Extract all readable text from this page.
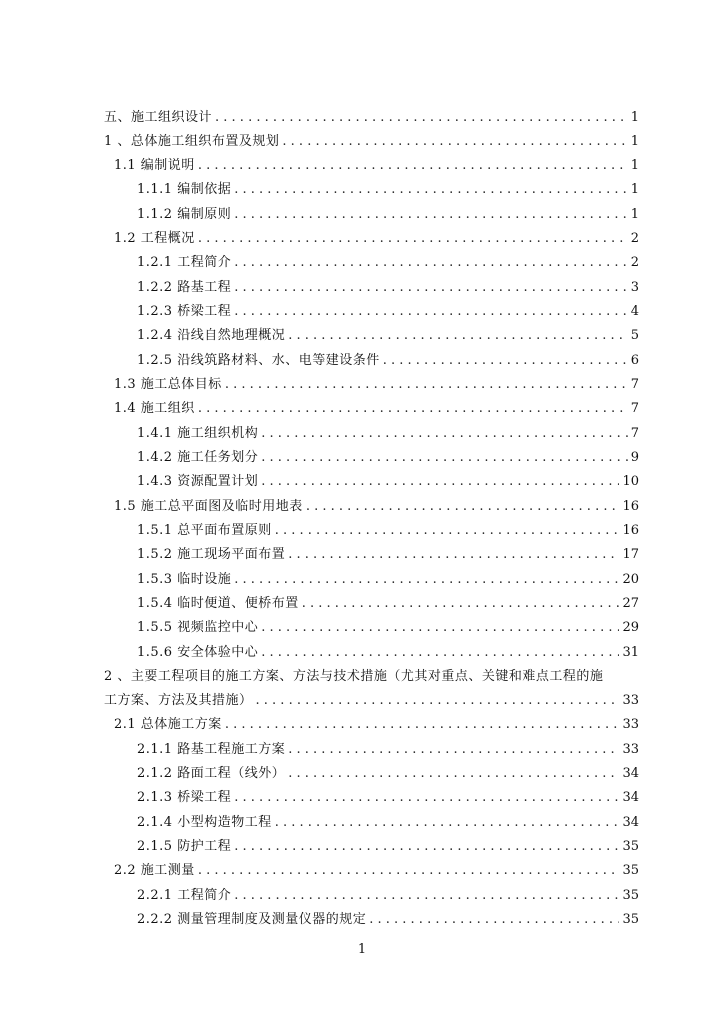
五、施工组织设计 . . .	1
1 、总体施工组织布置及规划 . . .	1
1.1 编制说明 . . .	1
1.1.1 编制依据 . . .	1
1.1.2 编制原则 . . .	1
1.2 工程概况 . . .	2
1.2.1 工程简介 . . .	2
1.2.2 路基工程 . . .	3
1.2.3 桥梁工程 . . .	4
1.2.4 沿线自然地理概况 . . .	5
1.2.5 沿线筑路材料、水、电等建设条件 . . .	6
1.3 施工总体目标 . . .	7
1.4 施工组织 . . .	7
1.4.1 施工组织机构 . . .	7
1.4.2 施工任务划分 . . .	9
1.4.3 资源配置计划 . . .	10
1.5 施工总平面图及临时用地表 . . .	16
1.5.1 总平面布置原则 . . .	16
1.5.2 施工现场平面布置 . . .	17
1.5.3 临时设施 . . .	20
1.5.4 临时便道、便桥布置 . . .	27
1.5.5 视频监控中心 . . .	29
1.5.6 安全体验中心 . . .	31
2 、主要工程项目的施工方案、方法与技术措施（尤其对重点、关键和难点工程的施
工方案、方法及其措施） . . .	33
2.1 总体施工方案 . . .	33
2.1.1 路基工程施工方案 . . .	33
2.1.2 路面工程（线外） . . .	34
2.1.3 桥梁工程 . . .	34
2.1.4 小型构造物工程 . . .	34
2.1.5 防护工程 . . .	35
2.2 施工测量 . . .	35
2.2.1 工程简介 . . .	35
2.2.2 测量管理制度及测量仪器的规定 . . .	35
1
